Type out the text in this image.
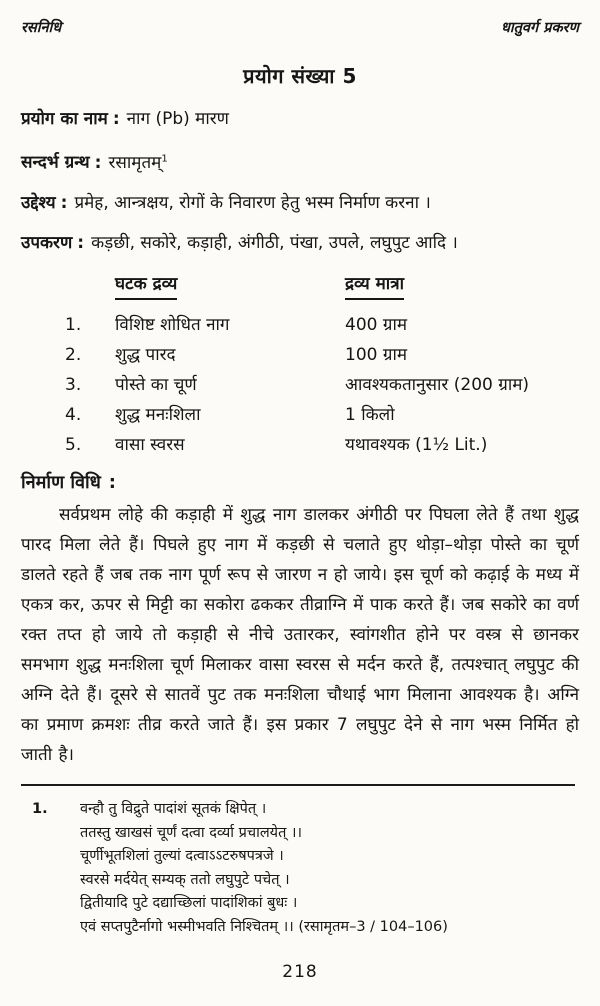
रसनिधि	धातुवर्ग प्रकरण
प्रयोग संख्या 5
प्रयोग का नाम : नाग (Pb) मारण
सन्दर्भ ग्रन्थ : रसामृतम्$^1$
उद्देश्य : प्रमेह, आन्त्रक्षय, रोगों के निवारण हेतु भस्म निर्माण करना ।
उपकरण : कड़छी, सकोरे, कड़ाही, अंगीठी, पंखा, उपले, लघुपुट आदि ।
घटक द्रव्य	द्रव्य मात्रा
1.	विशिष्ट शोधित नाग	400 ग्राम
2.	शुद्ध पारद	100 ग्राम
3.	पोस्ते का चूर्ण	आवश्यकतानुसार (200 ग्राम)
4.	शुद्ध मनःशिला	1 किलो
5.	वासा स्वरस	यथावश्यक (1½ Lit.)
निर्माण विधि :

सर्वप्रथम लोहे की कड़ाही में शुद्ध नाग डालकर अंगीठी पर पिघला लेते हैं तथा शुद्ध पारद मिला लेते हैं। पिघले हुए नाग में कड़छी से चलाते हुए थोड़ा–थोड़ा पोस्ते का चूर्ण डालते रहते हैं जब तक नाग पूर्ण रूप से जारण न हो जाये। इस चूर्ण को कढ़ाई के मध्य में एकत्र कर, ऊपर से मिट्टी का सकोरा ढककर तीव्राग्नि में पाक करते हैं। जब सकोरे का वर्ण रक्त तप्त हो जाये तो कड़ाही से नीचे उतारकर, स्वांगशीत होने पर वस्त्र से छानकर समभाग शुद्ध मनःशिला चूर्ण मिलाकर वासा स्वरस से मर्दन करते हैं, तत्पश्चात् लघुपुट की अग्नि देते हैं। दूसरे से सातवें पुट तक मनःशिला चौथाई भाग मिलाना आवश्यक है। अग्नि का प्रमाण क्रमशः तीव्र करते जाते हैं। इस प्रकार 7 लघुपुट देने से नाग भस्म निर्मित हो जाती है।

1.	वन्हौ तु विद्रुते पादांशं सूतकं क्षिपेत् ।
ततस्तु खाखसं चूर्णं दत्वा दर्व्या प्रचालयेत् ।।
चूर्णीभूतशिलां तुल्यां दत्वाऽऽटरुषपत्रजे ।
स्वरसे मर्दयेत् सम्यक् ततो लघुपुटे पचेत् ।
द्वितीयादि पुटे दद्याच्छिलां पादांशिकां बुधः ।
एवं सप्तपुटैर्नागो भस्मीभवति निश्चितम् ।। (रसामृतम–3 / 104–106)
218
